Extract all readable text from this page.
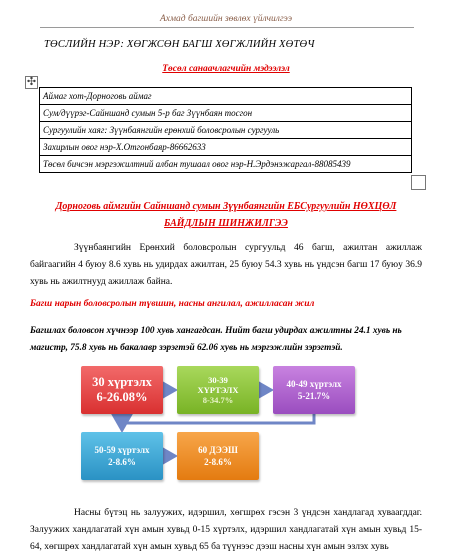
Ахмад багшийн зөвлөх үйлчилгээ
ТӨСЛИЙН НЭР: ХӨГЖСӨН БАГШ ХӨГЖЛИЙН ХӨТӨЧ
Төсөл санаачлагчийн мэдээлэл
✣
Аймаг хот-Дорноговь аймаг
Сум/дүүрэг-Сайншанд сумын 5-р баг Зүүнбаян тосгон
Сургуулийн хаяг: Зүүнбаянгийн ерөнхий боловсролын сургууль
Захирлын овог нэр-Х.Отгонбаяр-86662633
Төсөл бичсэн мэргэжилтний албан тушаал овог нэр-Н.Эрдэнэжаргал-88085439
Дорноговь аймгийн Сайншанд сумын Зүүнбаянгийн ЕБСургуулийн НӨХЦӨЛ БАЙДЛЫН ШИНЖИЛГЭЭ
Зүүнбаянгийн Ерөнхий боловсролын сургуульд 46 багш, ажилтан ажиллаж байгаагийн 4 буюу 8.6 хувь нь удирдах ажилтан, 25 буюу 54.3 хувь нь үндсэн багш 17 буюу 36.9 хувь нь ажилтнууд ажиллаж байна.
Багш нарын боловсролын түвшин, насны ангилал, ажилласан жил
Багшлах боловсон хүчнээр 100 хувь хангагдсан. Нийт багш удирдах ажилтны 24.1 хувь нь магистр, 75.8 хувь нь бакалавр зэрэгтэй 62.06 хувь нь мэргэжлийн зэрэгтэй.
30 хүртэлх
6-26.08%
30-39
ХҮРТЭЛХ
8-34.7%
40-49 хүртэлх
5-21.7%
50-59 хүртэлх
2-8.6%
60 ДЭЭШ
2-8.6%
Насны бүтэц нь залуужих, идэршил, хөгшрөх гэсэн 3 үндсэн хандлагад хуваагддаг. Залуужих хандлагатай хүн амын хувьд 0-15 хүртэлх, идэршил хандлагатай хүн амын хувьд 15-64, хөгшрөх хандлагатай хүн амын хувьд 65 ба түүнээс дээш насны хүн амын эзлэх хувь
